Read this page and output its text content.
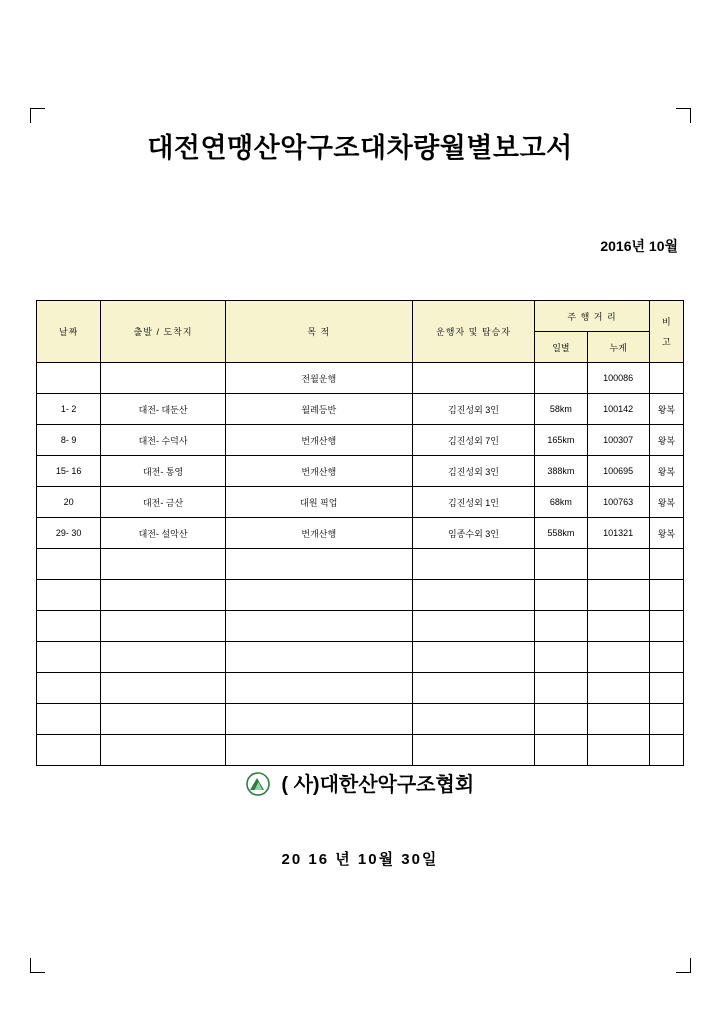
대전연맹산악구조대차량월별보고서
2016년 10월
날짜	출발 / 도착지	목 적	운행자 및 탑승자	주 행 거 리		비
고

				일별	누게	
		전월운행			100086	
1- 2	대전- 대둔산	월례등반	김진성외 3인	58km	100142	왕복
8- 9	대전- 수덕사	번개산행	김진성외 7인	165km	100307	왕복
15- 16	대전- 통영	번개산행	김진성외 3인	388km	100695	왕복
20	대전- 금산	대원 픽업	김진성외 1인	68km	100763	왕복
29- 30	대전- 설악산	번개산행	임종수외 3인	558km	101321	왕복

( 사)대한산악구조협회
20 16 년 10월 30일
